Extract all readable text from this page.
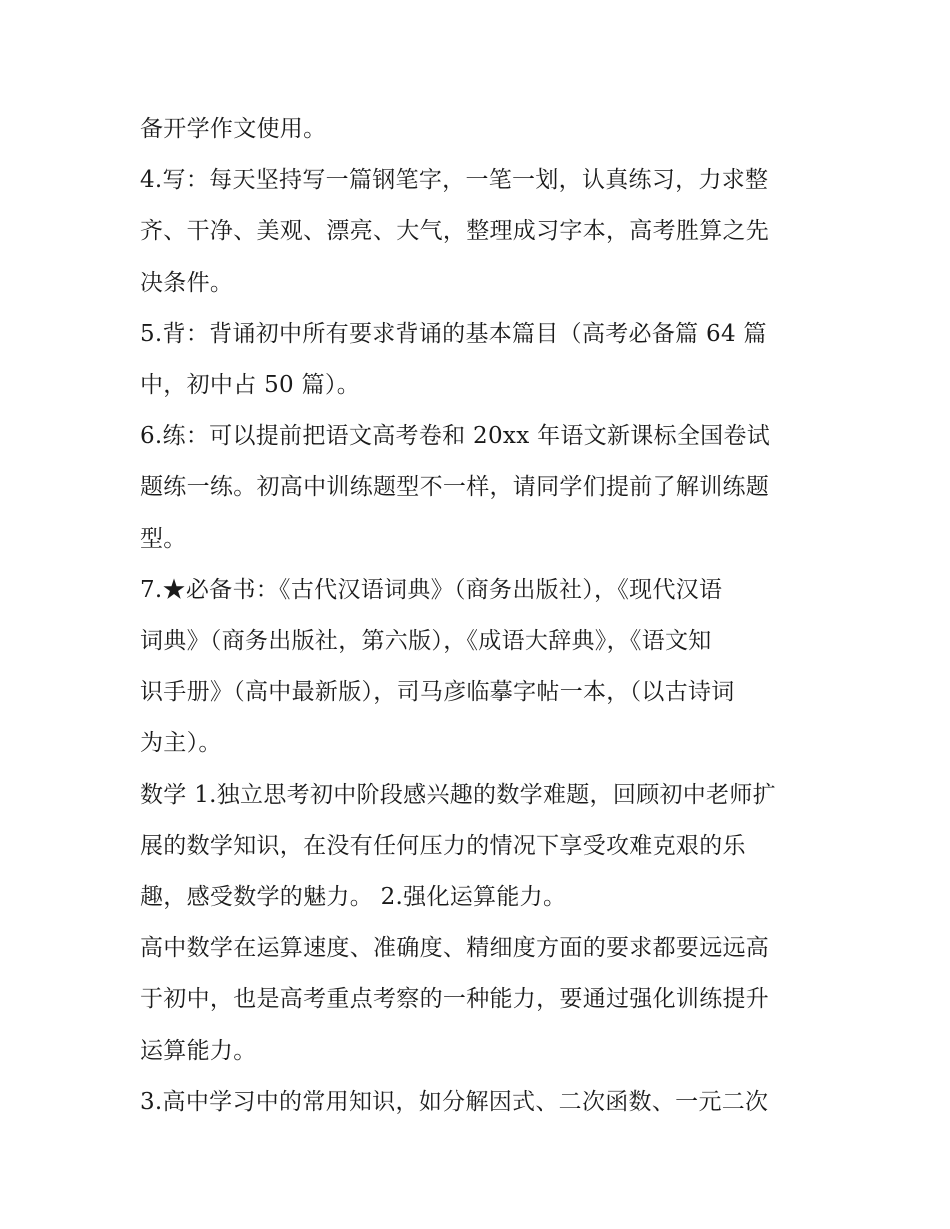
备开学作文使用。

4.写：每天坚持写一篇钢笔字，一笔一划，认真练习，力求整

齐、干净、美观、漂亮、大气，整理成习字本，高考胜算之先

决条件。

5.背：背诵初中所有要求背诵的基本篇目（高考必备篇 64 篇

中，初中占 50 篇）。

6.练：可以提前把语文高考卷和 20xx 年语文新课标全国卷试

题练一练。初高中训练题型不一样，请同学们提前了解训练题

型。

7.★必备书：《古代汉语词典》（商务出版社），《现代汉语

词典》（商务出版社，第六版），《成语大辞典》，《语文知

识手册》（高中最新版），司马彦临摹字帖一本，（以古诗词

为主）。

数学 1.独立思考初中阶段感兴趣的数学难题，回顾初中老师扩

展的数学知识，在没有任何压力的情况下享受攻难克艰的乐

趣，感受数学的魅力。 2.强化运算能力。

高中数学在运算速度、准确度、精细度方面的要求都要远远高

于初中，也是高考重点考察的一种能力，要通过强化训练提升

运算能力。

3.高中学习中的常用知识，如分解因式、二次函数、一元二次
